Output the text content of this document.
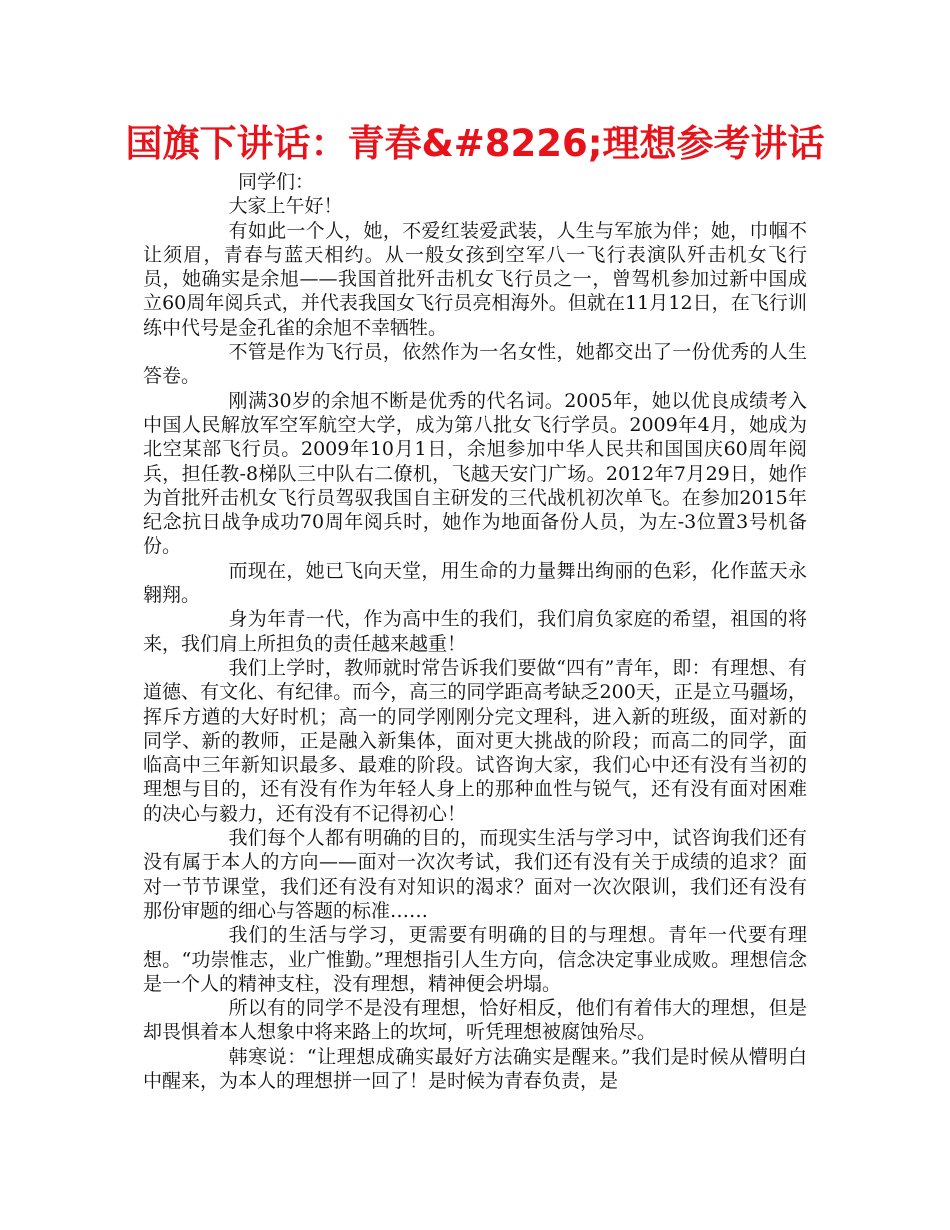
国旗下讲话：青春&#8226;理想参考讲话

同学们：

大家上午好！

有如此一个人，她，不爱红装爱武装，人生与军旅为伴；她，巾帼不让须眉，青春与蓝天相约。从一般女孩到空军八一飞行表演队歼击机女飞行员，她确实是余旭——我国首批歼击机女飞行员之一，曾驾机参加过新中国成立60周年阅兵式，并代表我国女飞行员亮相海外。但就在11月12日，在飞行训练中代号是金孔雀的余旭不幸牺牲。

不管是作为飞行员，依然作为一名女性，她都交出了一份优秀的人生答卷。

刚满30岁的余旭不断是优秀的代名词。2005年，她以优良成绩考入中国人民解放军空军航空大学，成为第八批女飞行学员。2009年4月，她成为北空某部飞行员。2009年10月1日，余旭参加中华人民共和国国庆60周年阅兵，担任教-8梯队三中队右二僚机，飞越天安门广场。2012年7月29日，她作为首批歼击机女飞行员驾驭我国自主研发的三代战机初次单飞。在参加2015年纪念抗日战争成功70周年阅兵时，她作为地面备份人员，为左-3位置3号机备份。

而现在，她已飞向天堂，用生命的力量舞出绚丽的色彩，化作蓝天永翱翔。

身为年青一代，作为高中生的我们，我们肩负家庭的希望，祖国的将来，我们肩上所担负的责任越来越重！

我们上学时，教师就时常告诉我们要做“四有”青年，即：有理想、有道德、有文化、有纪律。而今，高三的同学距高考缺乏200天，正是立马疆场，挥斥方遒的大好时机；高一的同学刚刚分完文理科，进入新的班级，面对新的同学、新的教师，正是融入新集体，面对更大挑战的阶段；而高二的同学，面临高中三年新知识最多、最难的阶段。试咨询大家，我们心中还有没有当初的理想与目的，还有没有作为年轻人身上的那种血性与锐气，还有没有面对困难的决心与毅力，还有没有不记得初心！

我们每个人都有明确的目的，而现实生活与学习中，试咨询我们还有没有属于本人的方向——面对一次次考试，我们还有没有关于成绩的追求？面对一节节课堂，我们还有没有对知识的渴求？面对一次次限训，我们还有没有那份审题的细心与答题的标准……

我们的生活与学习，更需要有明确的目的与理想。青年一代要有理想。“功崇惟志，业广惟勤。”理想指引人生方向，信念决定事业成败。理想信念是一个人的精神支柱，没有理想，精神便会坍塌。

所以有的同学不是没有理想，恰好相反，他们有着伟大的理想，但是却畏惧着本人想象中将来路上的坎坷，听凭理想被腐蚀殆尽。

韩寒说：“让理想成确实最好方法确实是醒来。”我们是时候从懵明白中醒来，为本人的理想拼一回了！是时候为青春负责，是
